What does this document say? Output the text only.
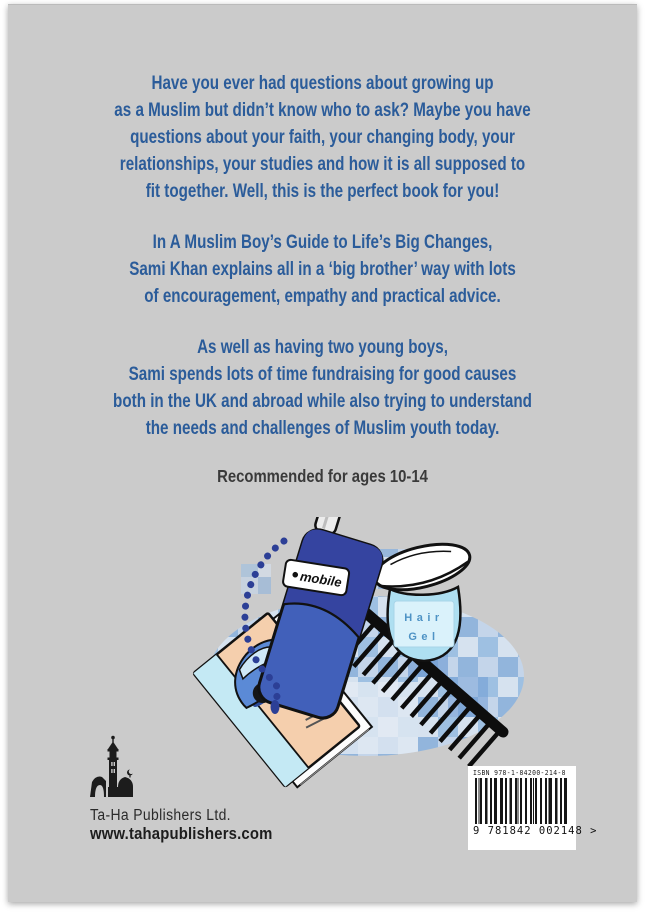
Have you ever had questions about growing up
as a Muslim but didn’t know who to ask? Maybe you have
questions about your faith, your changing body, your
relationships, your studies and how it is all supposed to
fit together. Well, this is the perfect book for you!
In A Muslim Boy’s Guide to Life’s Big Changes,
Sami Khan explains all in a ‘big brother’ way with lots
of encouragement, empathy and practical advice.
As well as having two young boys,
Sami spends lots of time fundraising for good causes
both in the UK and abroad while also trying to understand
the needs and challenges of Muslim youth today.
Recommended for ages 10-14
Hair
Gel
mobile
Ta-Ha Publishers Ltd.
www.tahapublishers.com
ISBN 978-1-84200-214-8
9 781842 002148 >
